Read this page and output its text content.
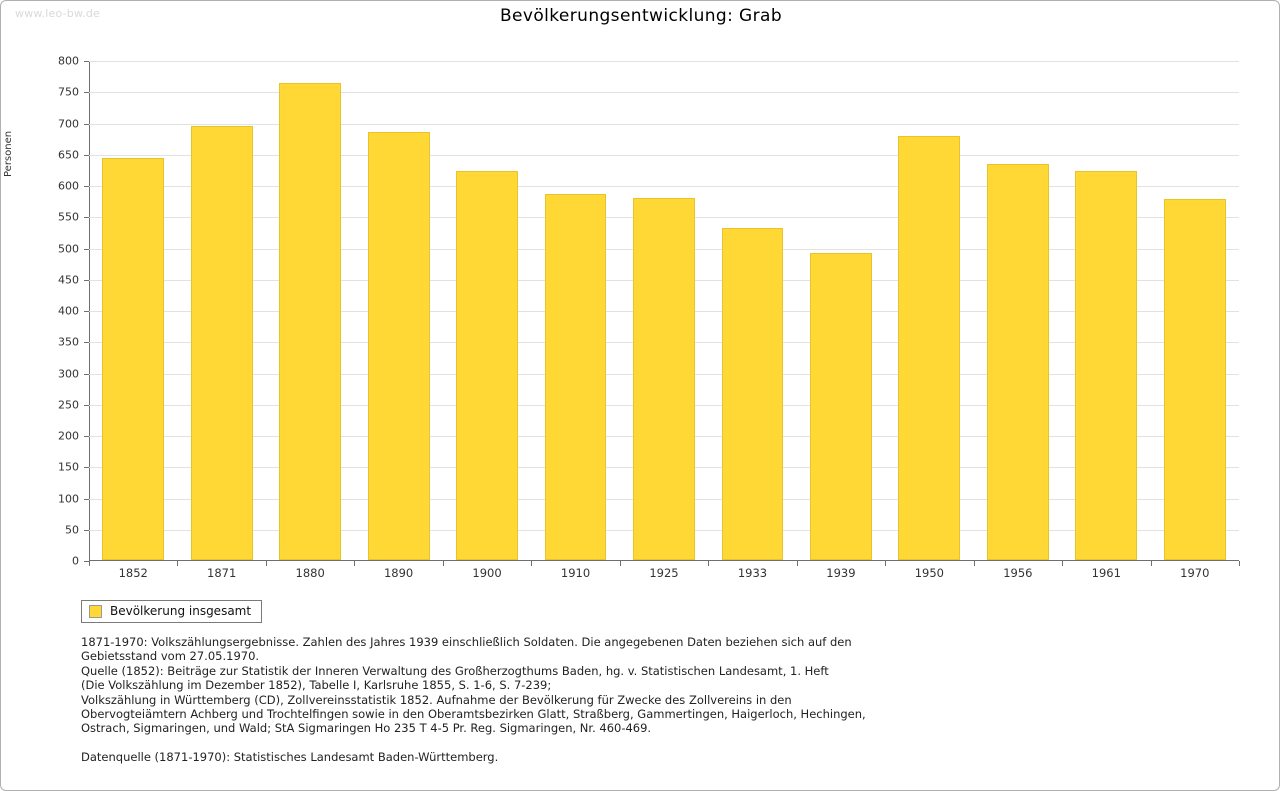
www.leo-bw.de	Bevölkerungsentwicklung: Grab
Personen
0
50
100
150
200
250
300
350
400
450
500
550
600
650
700
750
800
1852	1871	1880	1890	1900	1910	1925	1933	1939	1950	1956	1961	1970
Bevölkerung insgesamt
1871-1970: Volkszählungsergebnisse. Zahlen des Jahres 1939 einschließlich Soldaten. Die angegebenen Daten beziehen sich auf den
Gebietsstand vom 27.05.1970.
Quelle (1852): Beiträge zur Statistik der Inneren Verwaltung des Großherzogthums Baden, hg. v. Statistischen Landesamt, 1. Heft
(Die Volkszählung im Dezember 1852), Tabelle I, Karlsruhe 1855, S. 1-6, S. 7-239;
Volkszählung in Württemberg (CD), Zollvereinsstatistik 1852. Aufnahme der Bevölkerung für Zwecke des Zollvereins in den
Obervogteiämtern Achberg und Trochtelfingen sowie in den Oberamtsbezirken Glatt, Straßberg, Gammertingen, Haigerloch, Hechingen,
Ostrach, Sigmaringen, und Wald; StA Sigmaringen Ho 235 T 4-5 Pr. Reg. Sigmaringen, Nr. 460-469.
Datenquelle (1871-1970): Statistisches Landesamt Baden-Württemberg.
